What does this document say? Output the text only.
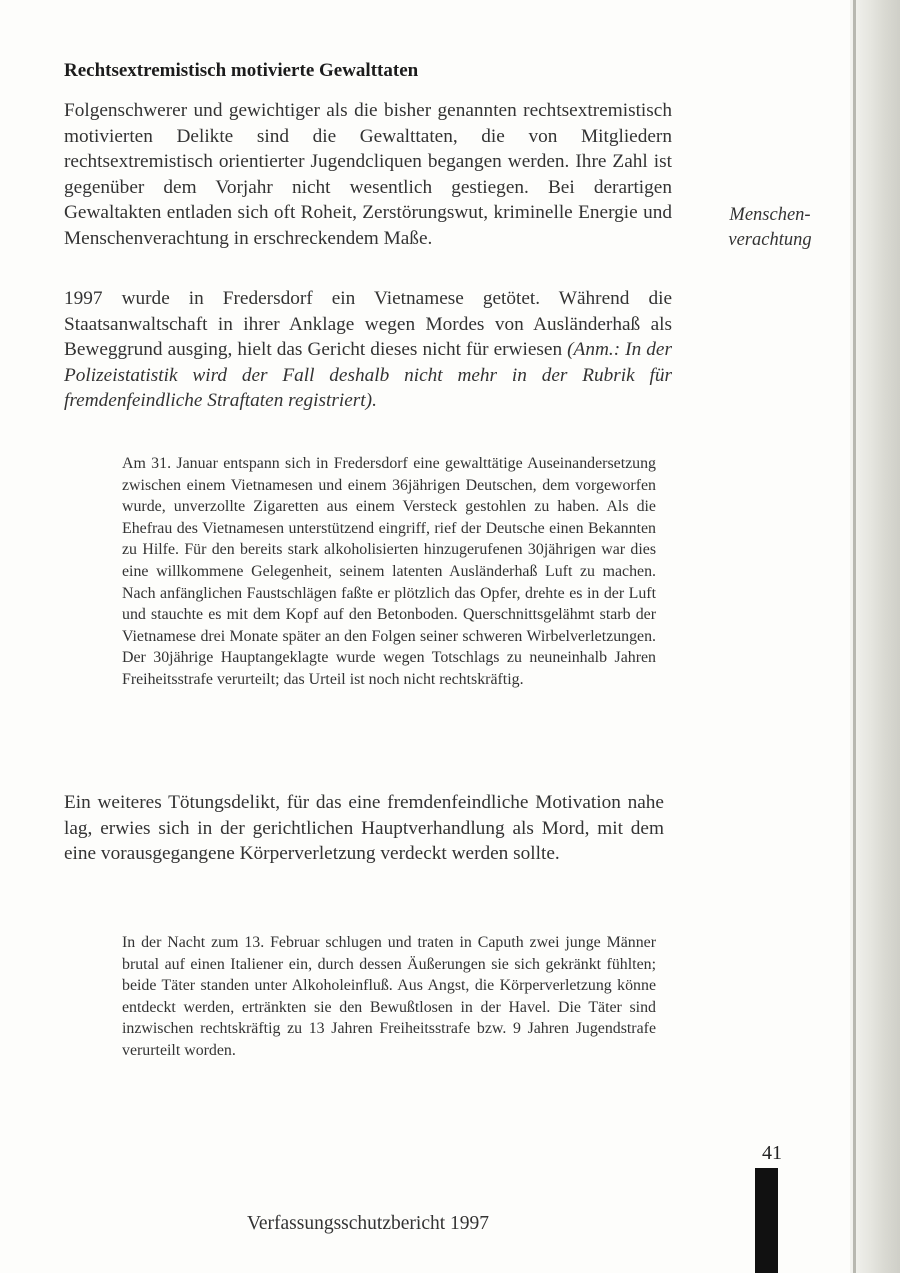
Rechtsextremistisch motivierte Gewalttaten

Folgenschwerer und gewichtiger als die bisher genannten rechtsextremistisch motivierten Delikte sind die Gewalttaten, die von Mitgliedern rechtsextremistisch orientierter Jugendcliquen begangen werden. Ihre Zahl ist gegenüber dem Vorjahr nicht wesentlich gestiegen. Bei derartigen Gewaltakten entladen sich oft Roheit, Zerstörungswut, kriminelle Energie und Menschenverachtung in erschreckendem Maße.

Menschen-verachtung

1997 wurde in Fredersdorf ein Vietnamese getötet. Während die Staatsanwaltschaft in ihrer Anklage wegen Mordes von Ausländerhaß als Beweggrund ausging, hielt das Gericht dieses nicht für erwiesen (Anm.: In der Polizeistatistik wird der Fall deshalb nicht mehr in der Rubrik für fremdenfeindliche Straftaten registriert).

Am 31. Januar entspann sich in Fredersdorf eine gewalttätige Auseinandersetzung zwischen einem Vietnamesen und einem 36jährigen Deutschen, dem vorgeworfen wurde, unverzollte Zigaretten aus einem Versteck gestohlen zu haben. Als die Ehefrau des Vietnamesen unterstützend eingriff, rief der Deutsche einen Bekannten zu Hilfe. Für den bereits stark alkoholisierten hinzugerufenen 30jährigen war dies eine willkommene Gelegenheit, seinem latenten Ausländerhaß Luft zu machen. Nach anfänglichen Faustschlägen faßte er plötzlich das Opfer, drehte es in der Luft und stauchte es mit dem Kopf auf den Betonboden. Querschnittsgelähmt starb der Vietnamese drei Monate später an den Folgen seiner schweren Wirbelverletzungen. Der 30jährige Hauptangeklagte wurde wegen Totschlags zu neuneinhalb Jahren Freiheitsstrafe verurteilt; das Urteil ist noch nicht rechtskräftig.

Ein weiteres Tötungsdelikt, für das eine fremdenfeindliche Motivation nahe lag, erwies sich in der gerichtlichen Hauptverhandlung als Mord, mit dem eine vorausgegangene Körperverletzung verdeckt werden sollte.

In der Nacht zum 13. Februar schlugen und traten in Caputh zwei junge Männer brutal auf einen Italiener ein, durch dessen Äußerungen sie sich gekränkt fühlten; beide Täter standen unter Alkoholeinfluß. Aus Angst, die Körperverletzung könne entdeckt werden, ertränkten sie den Bewußtlosen in der Havel. Die Täter sind inzwischen rechtskräftig zu 13 Jahren Freiheitsstrafe bzw. 9 Jahren Jugendstrafe verurteilt worden.

41
Verfassungsschutzbericht 1997
